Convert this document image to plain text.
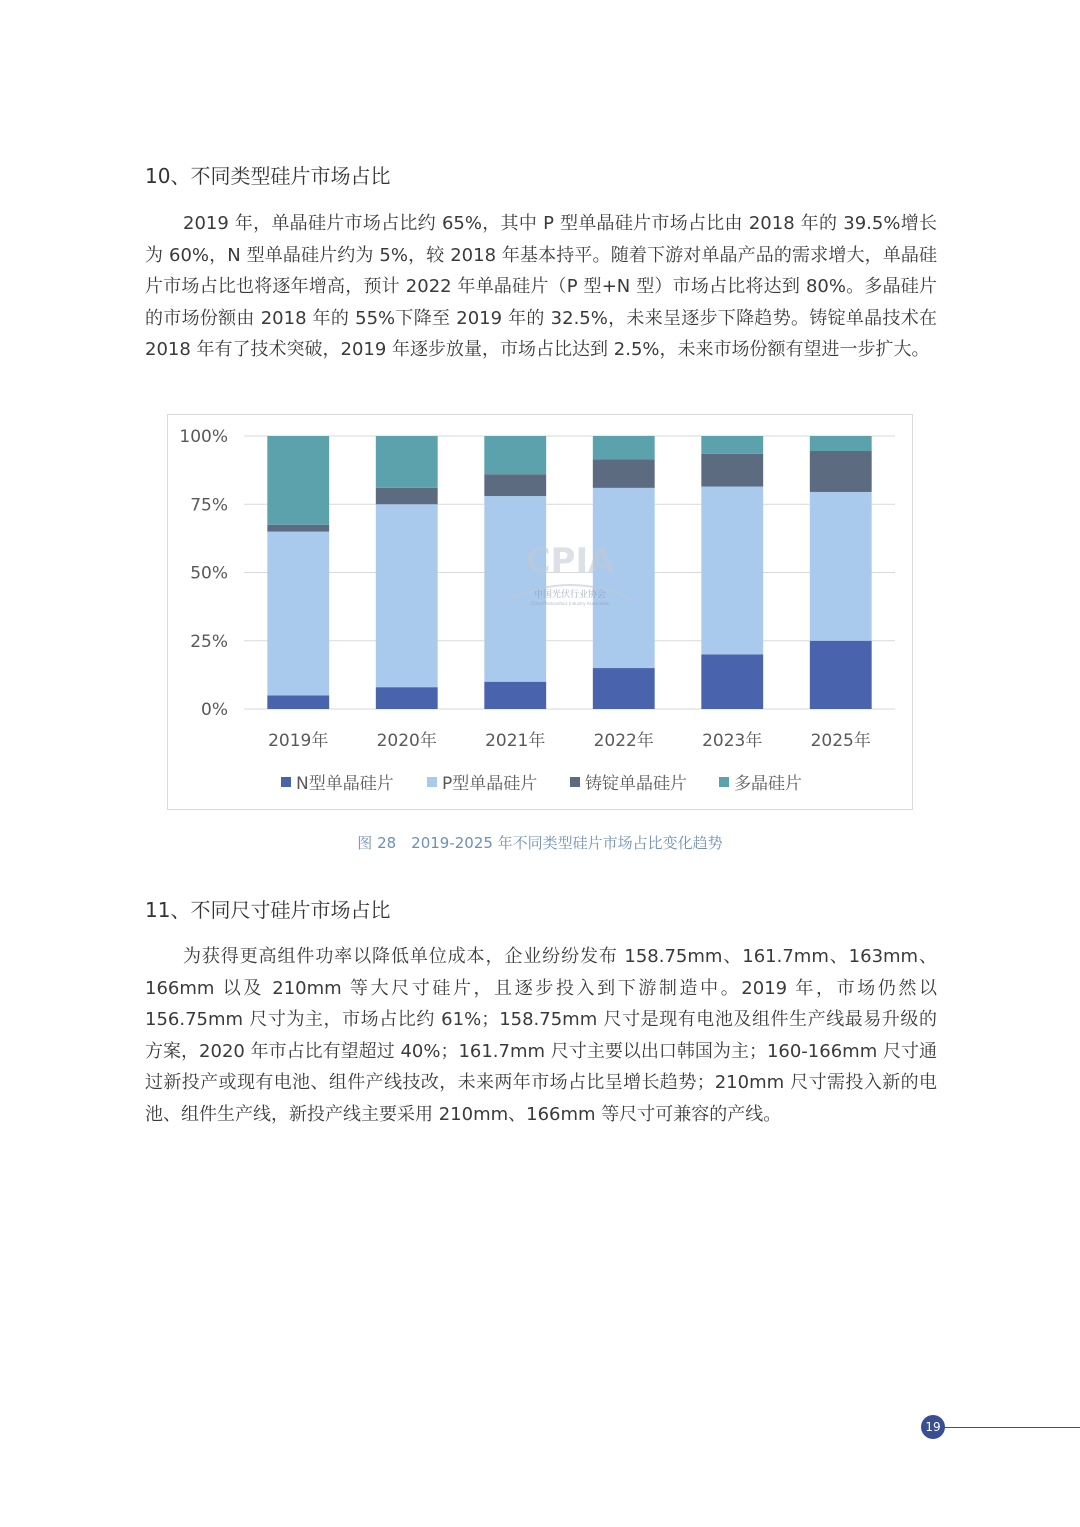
10、不同类型硅片市场占比

2019 年，单晶硅片市场占比约 65%，其中 P 型单晶硅片市场占比由 2018 年的 39.5%增长为 60%，N 型单晶硅片约为 5%，较 2018 年基本持平。随着下游对单晶产品的需求增大，单晶硅片市场占比也将逐年增高，预计 2022 年单晶硅片（P 型+N 型）市场占比将达到 80%。多晶硅片的市场份额由 2018 年的 55%下降至 2019 年的 32.5%，未来呈逐步下降趋势。铸锭单晶技术在 2018 年有了技术突破，2019 年逐步放量，市场占比达到 2.5%，未来市场份额有望进一步扩大。

0%
25%
50%
75%
100%
2019年	2020年	2021年	2022年	2023年	2025年
CPIA
中国光伏行业协会
China Photovoltaic Industry Association
N型单晶硅片	P型单晶硅片	铸锭单晶硅片	多晶硅片
图 28　2019-2025 年不同类型硅片市场占比变化趋势
11、不同尺寸硅片市场占比

为获得更高组件功率以降低单位成本，企业纷纷发布 158.75mm、161.7mm、163mm、166mm 以及 210mm 等大尺寸硅片，且逐步投入到下游制造中。2019 年，市场仍然以 156.75mm 尺寸为主，市场占比约 61%；158.75mm 尺寸是现有电池及组件生产线最易升级的方案，2020 年市占比有望超过 40%；161.7mm 尺寸主要以出口韩国为主；160-166mm 尺寸通过新投产或现有电池、组件产线技改，未来两年市场占比呈增长趋势；210mm 尺寸需投入新的电池、组件生产线，新投产线主要采用 210mm、166mm 等尺寸可兼容的产线。

19
